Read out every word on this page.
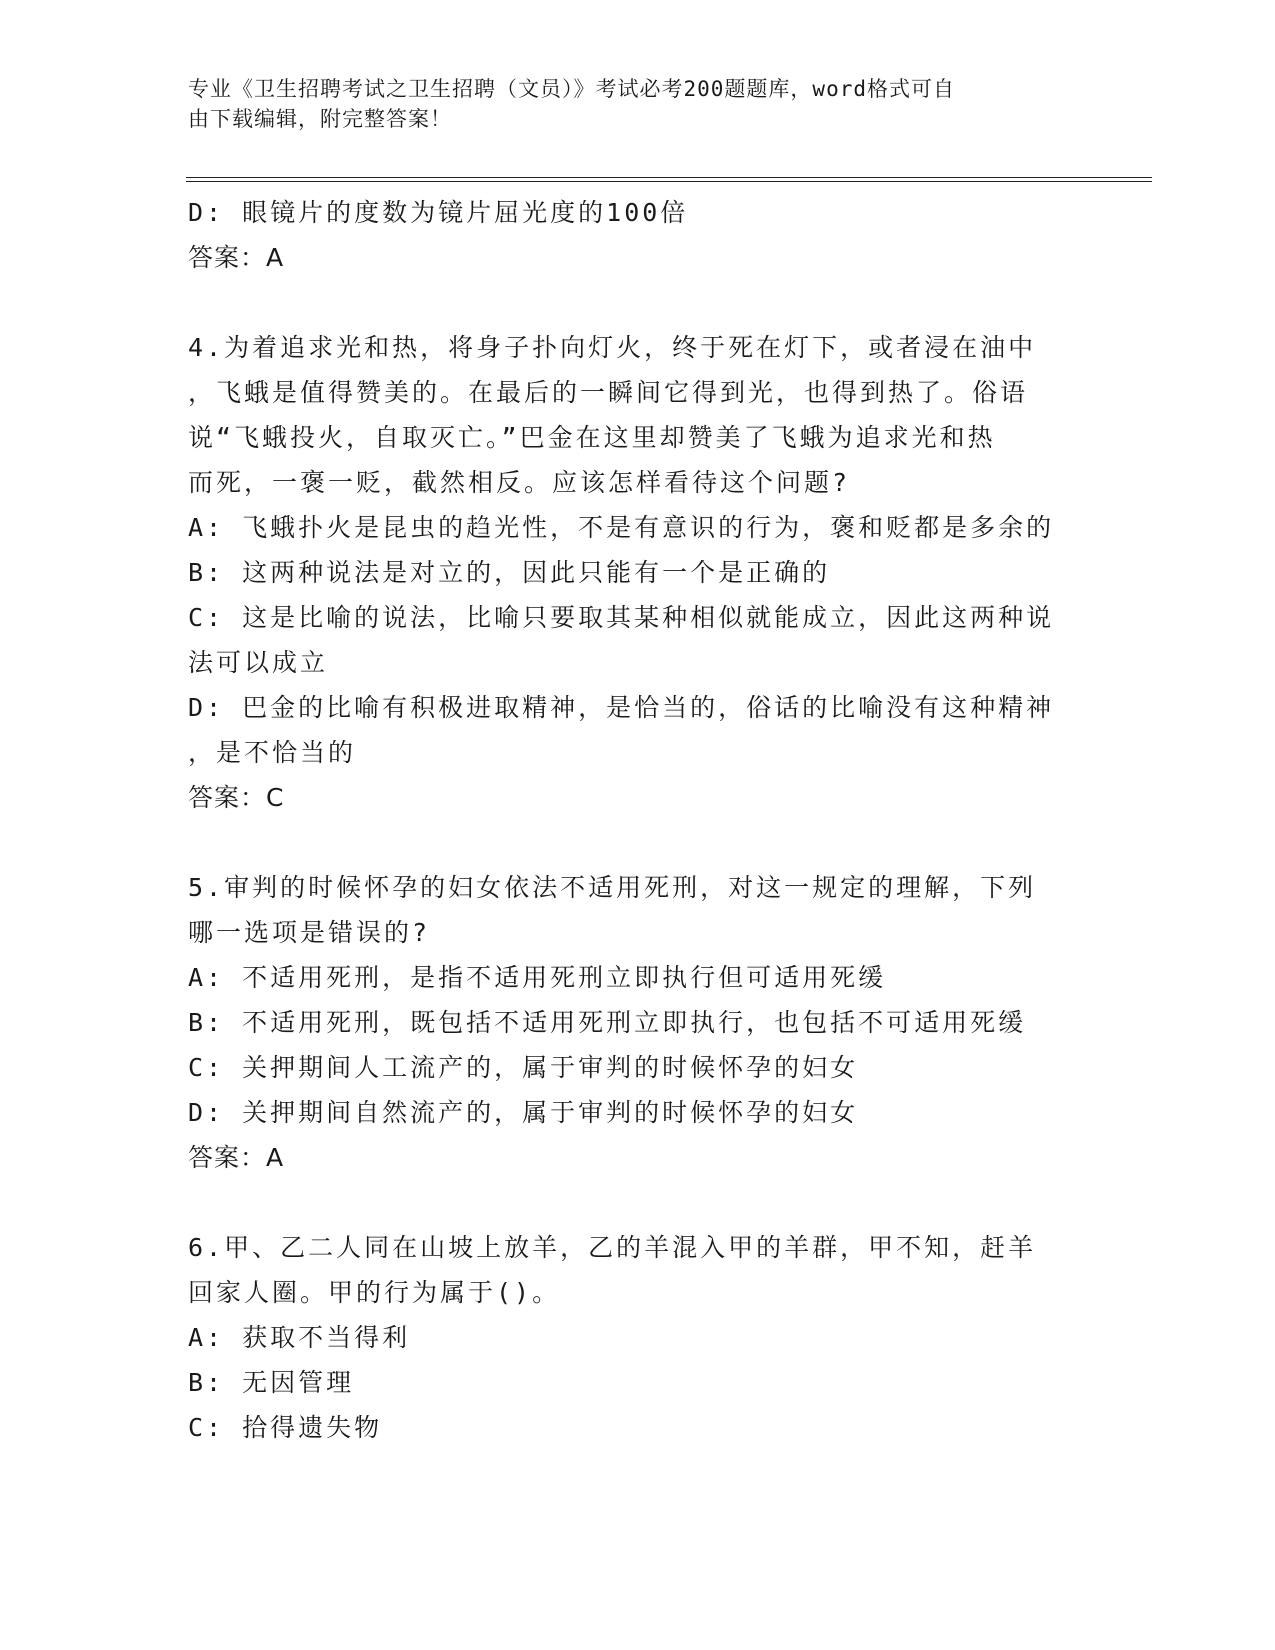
专业《卫生招聘考试之卫生招聘（文员）》考试必考200题题库，word格式可自
由下载编辑，附完整答案！
D: 眼镜片的度数为镜片屈光度的100倍
答案：A
4.为着追求光和热，将身子扑向灯火，终于死在灯下，或者浸在油中
，飞蛾是值得赞美的。在最后的一瞬间它得到光，也得到热了。俗语
说“飞蛾投火，自取灭亡。”巴金在这里却赞美了飞蛾为追求光和热
而死，一褒一贬，截然相反。应该怎样看待这个问题?
A: 飞蛾扑火是昆虫的趋光性，不是有意识的行为，褒和贬都是多余的
B: 这两种说法是对立的，因此只能有一个是正确的
C: 这是比喻的说法，比喻只要取其某种相似就能成立，因此这两种说
法可以成立
D: 巴金的比喻有积极进取精神，是恰当的，俗话的比喻没有这种精神
，是不恰当的
答案：C
5.审判的时候怀孕的妇女依法不适用死刑，对这一规定的理解，下列
哪一选项是错误的?
A: 不适用死刑，是指不适用死刑立即执行但可适用死缓
B: 不适用死刑，既包括不适用死刑立即执行，也包括不可适用死缓
C: 关押期间人工流产的，属于审判的时候怀孕的妇女
D: 关押期间自然流产的，属于审判的时候怀孕的妇女
答案：A
6.甲、乙二人同在山坡上放羊，乙的羊混入甲的羊群，甲不知，赶羊
回家人圈。甲的行为属于()。
A: 获取不当得利
B: 无因管理
C: 拾得遗失物
